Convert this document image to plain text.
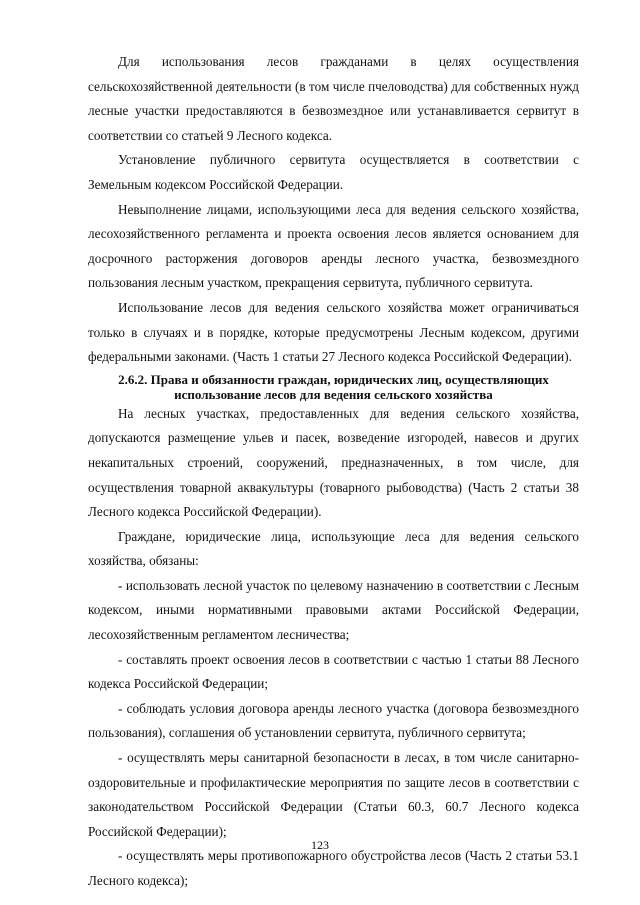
Для использования лесов гражданами в целях осуществления сельскохозяйственной деятельности (в том числе пчеловодства) для собственных нужд лесные участки предоставляются в безвозмездное или устанавливается сервитут в соответствии со статьей 9 Лесного кодекса.

Установление публичного сервитута осуществляется в соответствии с Земельным кодексом Российской Федерации.

Невыполнение лицами, использующими леса для ведения сельского хозяйства, лесохозяйственного регламента и проекта освоения лесов является основанием для досрочного расторжения договоров аренды лесного участка, безвозмездного пользования лесным участком, прекращения сервитута, публичного сервитута.

Использование лесов для ведения сельского хозяйства может ограничиваться только в случаях и в порядке, которые предусмотрены Лесным кодексом, другими федеральными законами. (Часть 1 статьи 27 Лесного кодекса Российской Федерации).

2.6.2. Права и обязанности граждан, юридических лиц, осуществляющих
использование лесов для ведения сельского хозяйства

На лесных участках, предоставленных для ведения сельского хозяйства, допускаются размещение ульев и пасек, возведение изгородей, навесов и других некапитальных строений, сооружений, предназначенных, в том числе, для осуществления товарной аквакультуры (товарного рыбоводства) (Часть 2 статьи 38 Лесного кодекса Российской Федерации).

Граждане, юридические лица, использующие леса для ведения сельского хозяйства, обязаны:

- использовать лесной участок по целевому назначению в соответствии с Лесным кодексом, иными нормативными правовыми актами Российской Федерации, лесохозяйственным регламентом лесничества;

- составлять проект освоения лесов в соответствии с частью 1 статьи 88 Лесного кодекса Российской Федерации;

- соблюдать условия договора аренды лесного участка (договора безвозмездного пользования), соглашения об установлении сервитута, публичного сервитута;

- осуществлять меры санитарной безопасности в лесах, в том числе санитарно-оздоровительные и профилактические мероприятия по защите лесов в соответствии с законодательством Российской Федерации (Статьи 60.3, 60.7 Лесного кодекса Российской Федерации);

- осуществлять меры противопожарного обустройства лесов (Часть 2 статьи 53.1 Лесного кодекса);

123
